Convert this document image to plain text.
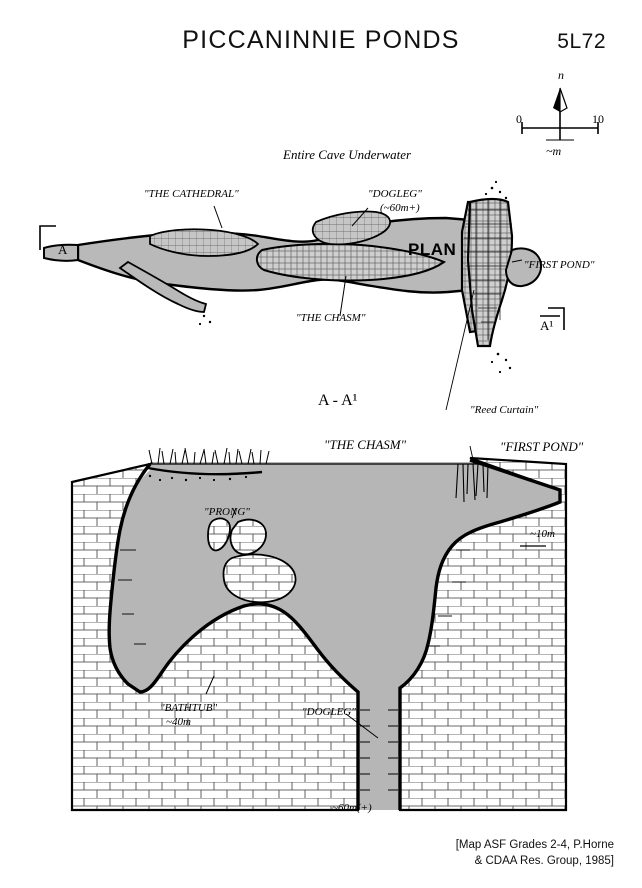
PICCANINNIE PONDS	5L72
n
0	10
~m
"THE CATHEDRAL"	"DOGLEG"
(~60m+)
"THE CHASM"
"FIRST POND"
PLAN
A
A¹
Entire Cave Underwater
A - A¹
"PRONG"
~10m
"BATHTUB"
~40m
"DOGLEG"
~60m(+)
"THE CHASM"
"Reed Curtain"
"FIRST POND"
[Map ASF Grades 2-4, P.Horne
& CDAA Res. Group, 1985]
